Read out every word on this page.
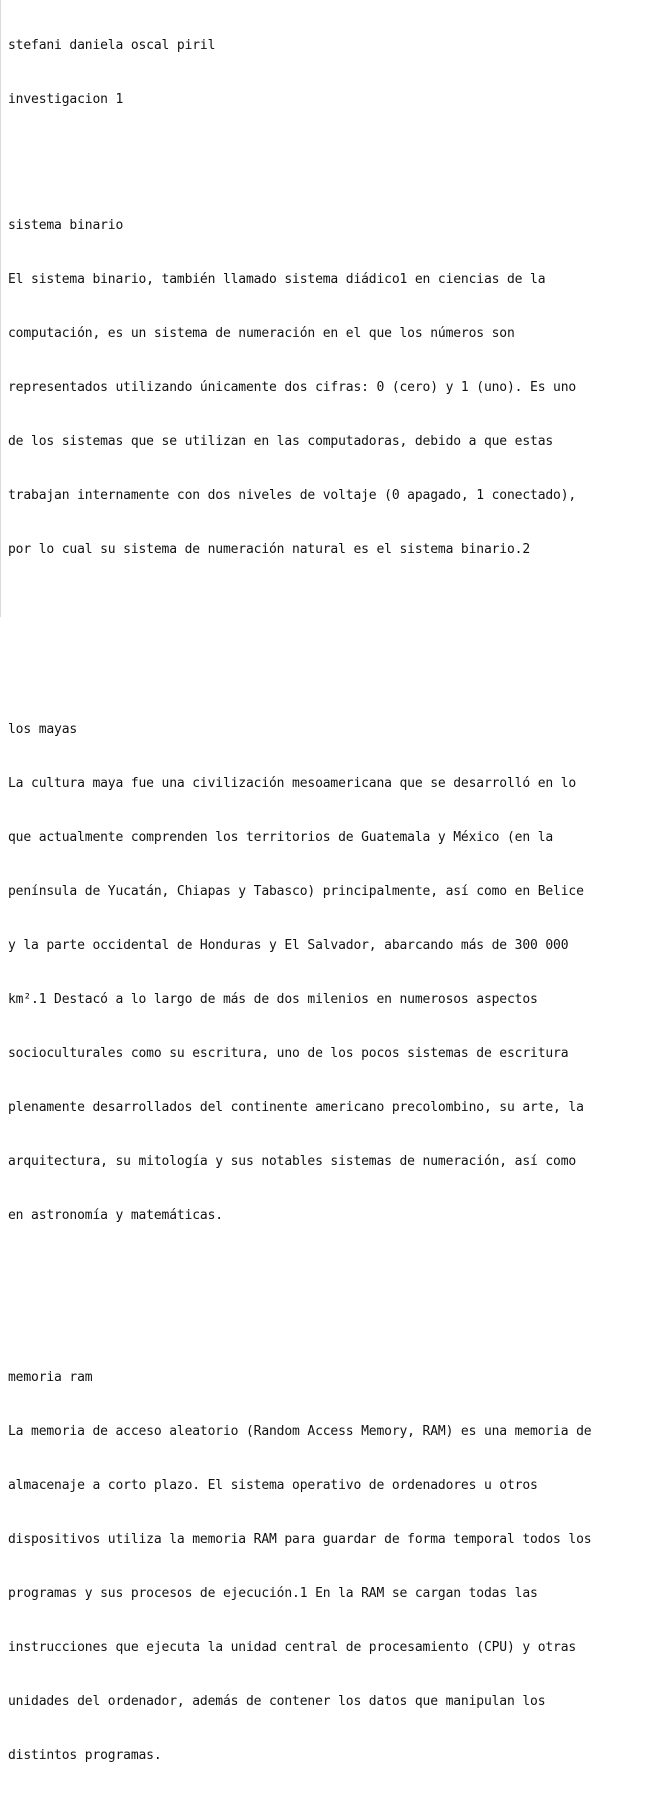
stefani daniela oscal piril

investigacion 1

sistema binario

El sistema binario, también llamado sistema diádico1 en ciencias de la

computación, es un sistema de numeración en el que los números son

representados utilizando únicamente dos cifras: 0 (cero) y 1 (uno). Es uno

de los sistemas que se utilizan en las computadoras, debido a que estas

trabajan internamente con dos niveles de voltaje (0 apagado, 1 conectado),

por lo cual su sistema de numeración natural es el sistema binario.2

los mayas

La cultura maya fue una civilización mesoamericana que se desarrolló en lo

que actualmente comprenden los territorios de Guatemala y México (en la

península de Yucatán, Chiapas y Tabasco) principalmente, así como en Belice

y la parte occidental de Honduras y El Salvador, abarcando más de 300 000

km².1 Destacó a lo largo de más de dos milenios en numerosos aspectos

socioculturales como su escritura, uno de los pocos sistemas de escritura

plenamente desarrollados del continente americano precolombino, su arte, la

arquitectura, su mitología y sus notables sistemas de numeración, así como

en astronomía y matemáticas.

memoria ram

La memoria de acceso aleatorio (Random Access Memory, RAM) es una memoria de

almacenaje a corto plazo. El sistema operativo de ordenadores u otros

dispositivos utiliza la memoria RAM para guardar de forma temporal todos los

programas y sus procesos de ejecución.1 En la RAM se cargan todas las

instrucciones que ejecuta la unidad central de procesamiento (CPU) y otras

unidades del ordenador, además de contener los datos que manipulan los

distintos programas.
